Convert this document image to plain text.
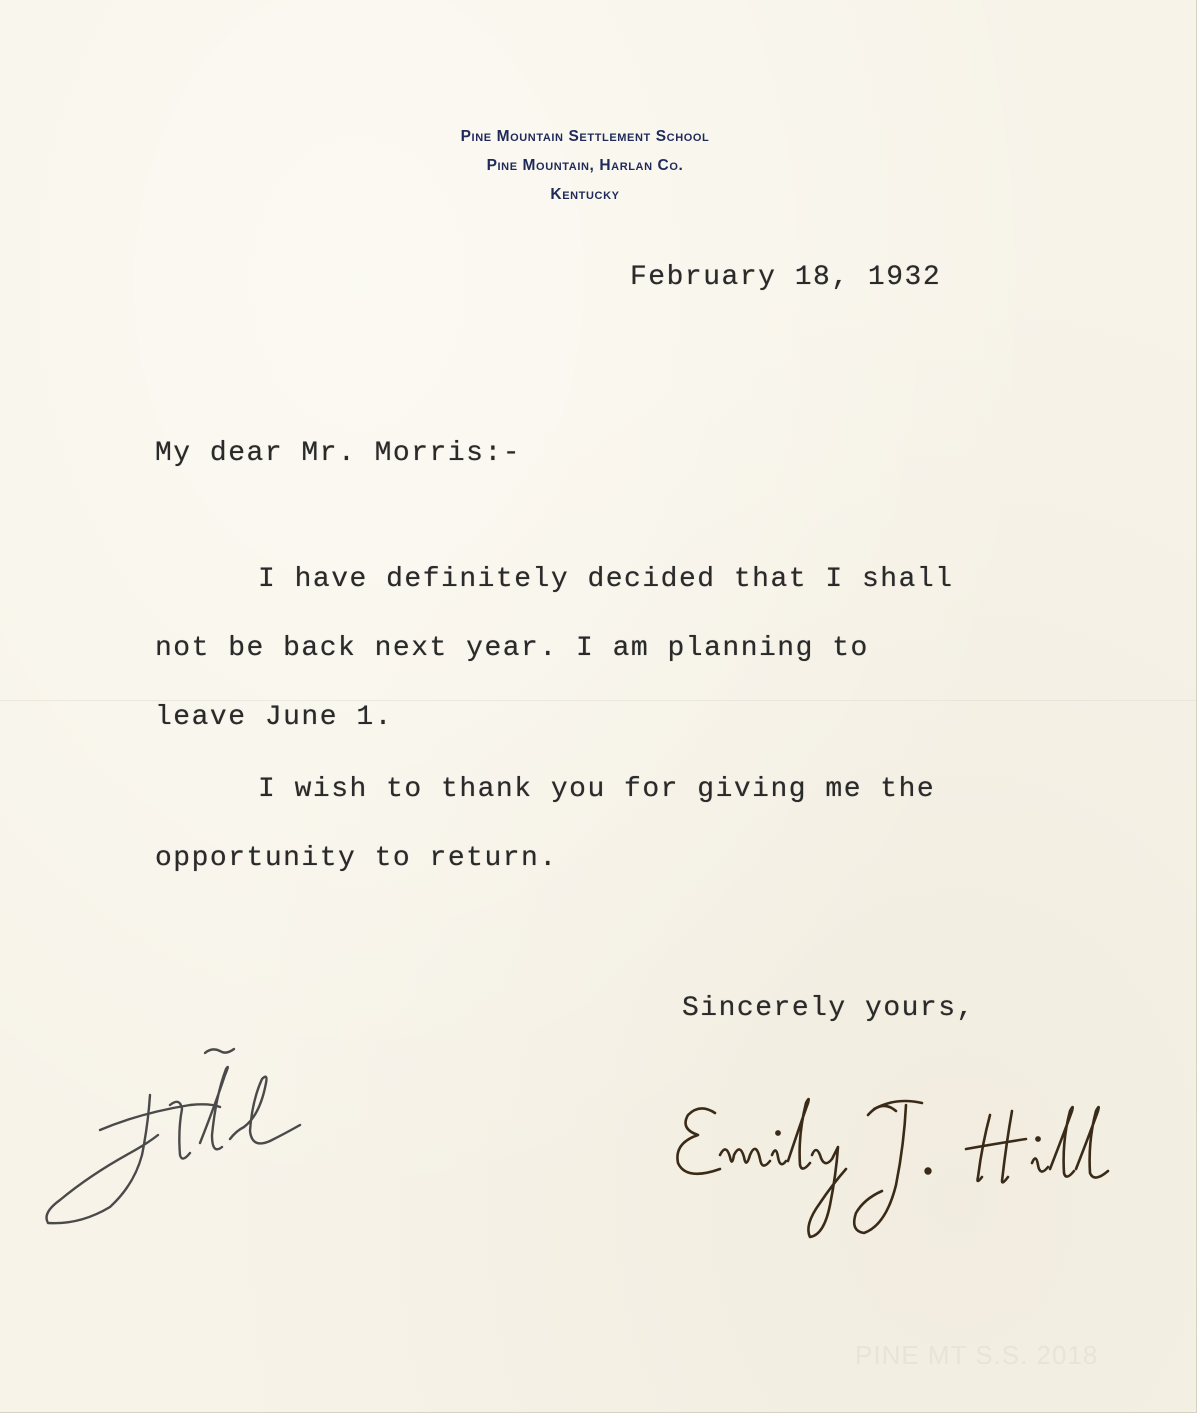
Pine Mountain Settlement School
Pine Mountain, Harlan Co.
Kentucky
February 18, 1932
My dear Mr. Morris:-
I have definitely decided that I shall
not be back next year. I am planning to
leave June 1.
I wish to thank you for giving me the
opportunity to return.
Sincerely yours,
PINE MT S.S. 2018
